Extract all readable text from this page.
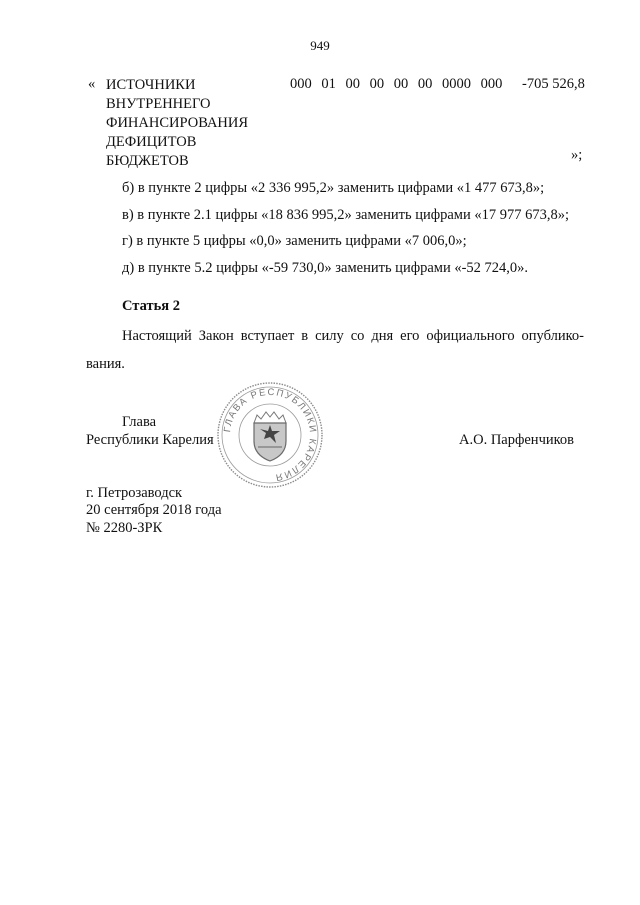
949
« ИСТОЧНИКИ
ВНУТРЕННЕГО
ФИНАНСИРОВАНИЯ
ДЕФИЦИТОВ
БЮДЖЕТОВ
000 01 00 00 00 00 0000 000 -705 526,8
»;
б) в пункте 2 цифры «2 336 995,2» заменить цифрами «1 477 673,8»;
в) в пункте 2.1 цифры «18 836 995,2» заменить цифрами «17 977 673,8»;
г) в пункте 5 цифры «0,0» заменить цифрами «7 006,0»;
д) в пункте 5.2 цифры «-59 730,0» заменить цифрами «-52 724,0».
Статья 2
Настоящий Закон вступает в силу со дня его официального опублико-
вания.
Глава
Республики Карелия	А.О. Парфенчиков
ГЛАВА РЕСПУБЛИКИ КАРЕЛИЯ
г. Петрозаводск
20 сентября 2018 года
№ 2280-ЗРК
